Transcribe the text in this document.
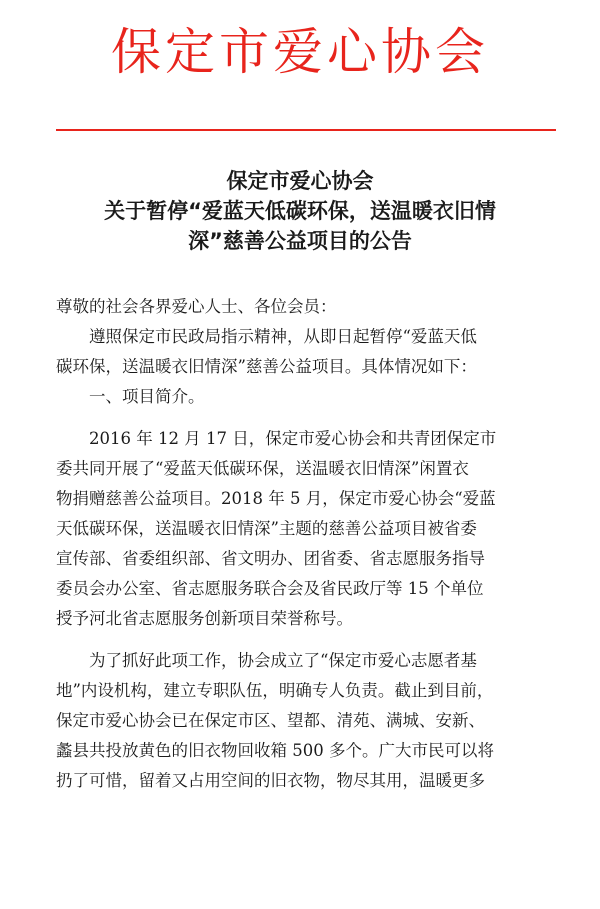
保定市爱心协会
保定市爱心协会
关于暂停“爱蓝天低碳环保，送温暖衣旧情
深”慈善公益项目的公告
尊敬的社会各界爱心人士、各位会员：
遵照保定市民政局指示精神，从即日起暂停“爱蓝天低
碳环保，送温暖衣旧情深”慈善公益项目。具体情况如下：
一、项目简介。
2016 年 12 月 17 日，保定市爱心协会和共青团保定市
委共同开展了“爱蓝天低碳环保，送温暖衣旧情深”闲置衣
物捐赠慈善公益项目。2018 年 5 月，保定市爱心协会“爱蓝
天低碳环保，送温暖衣旧情深”主题的慈善公益项目被省委
宣传部、省委组织部、省文明办、团省委、省志愿服务指导
委员会办公室、省志愿服务联合会及省民政厅等 15 个单位
授予河北省志愿服务创新项目荣誉称号。
为了抓好此项工作，协会成立了“保定市爱心志愿者基
地”内设机构，建立专职队伍，明确专人负责。截止到目前，
保定市爱心协会已在保定市区、望都、清苑、满城、安新、
蠡县共投放黄色的旧衣物回收箱 500 多个。广大市民可以将
扔了可惜，留着又占用空间的旧衣物，物尽其用，温暖更多
